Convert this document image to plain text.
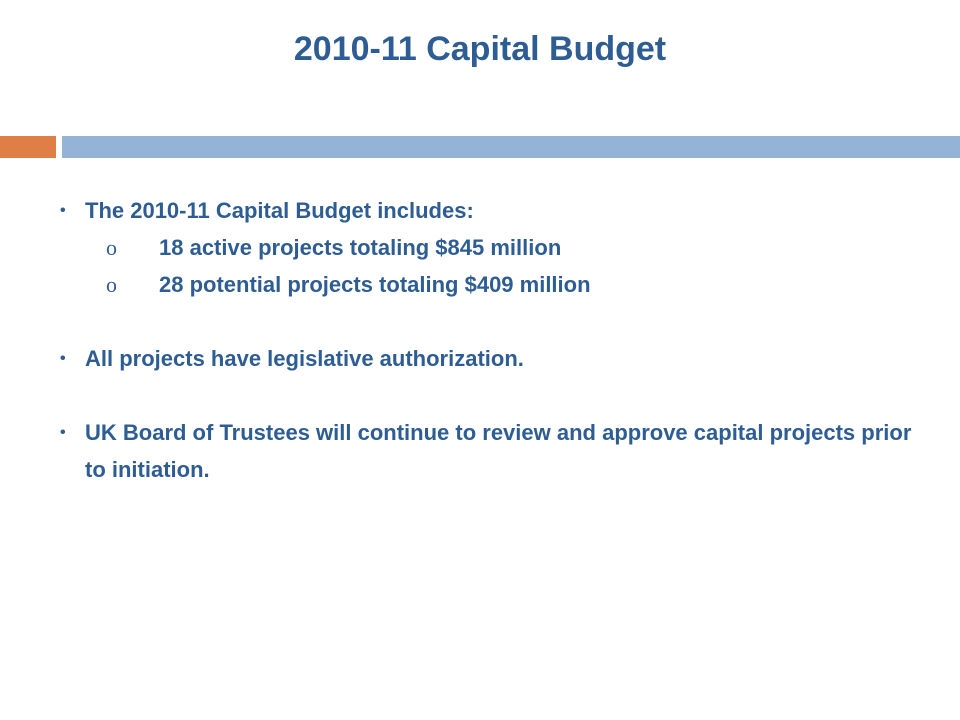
2010-11 Capital Budget
• The 2010-11 Capital Budget includes:
o 18 active projects totaling $845 million
o 28 potential projects totaling $409 million
• All projects have legislative authorization.
• UK Board of Trustees will continue to review and approve capital projects prior to initiation.
